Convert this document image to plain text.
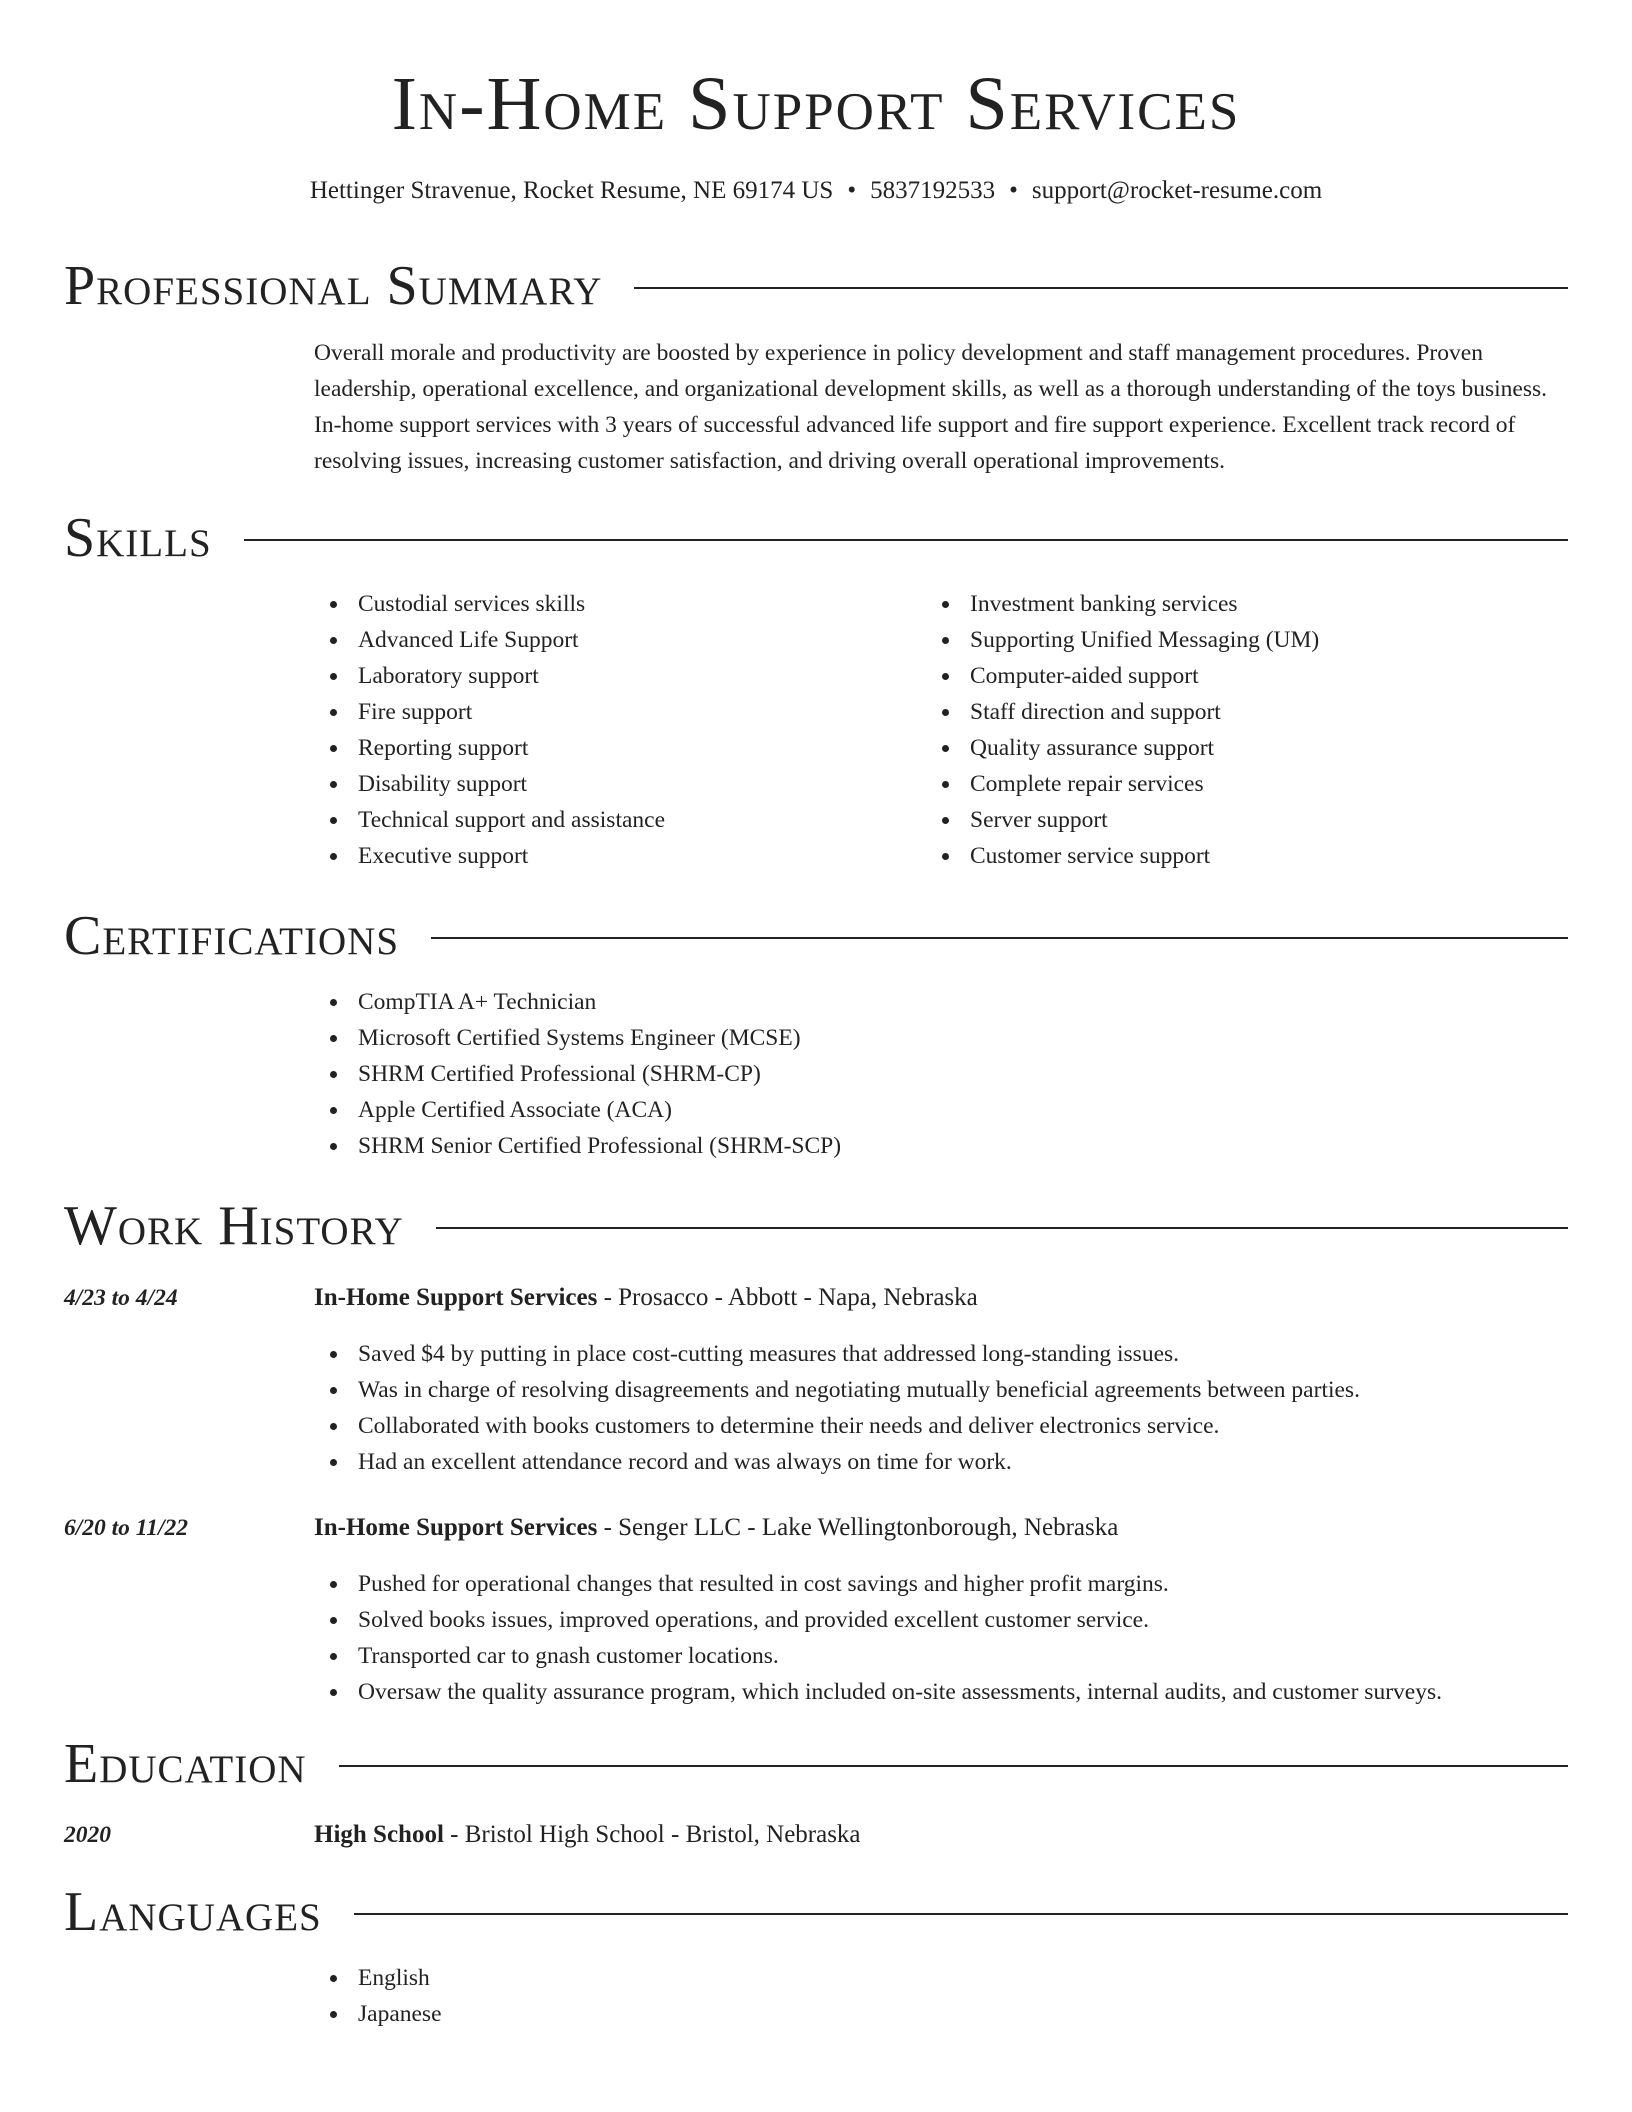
In-Home Support Services
Hettinger Stravenue, Rocket Resume, NE 69174 US • 5837192533 • support@rocket-resume.com
Professional Summary
Overall morale and productivity are boosted by experience in policy development and staff management procedures. Proven leadership, operational excellence, and organizational development skills, as well as a thorough understanding of the toys business. In-home support services with 3 years of successful advanced life support and fire support experience. Excellent track record of resolving issues, increasing customer satisfaction, and driving overall operational improvements.
Skills
Custodial services skills
Advanced Life Support
Laboratory support
Fire support
Reporting support
Disability support
Technical support and assistance
Executive support
Investment banking services
Supporting Unified Messaging (UM)
Computer-aided support
Staff direction and support
Quality assurance support
Complete repair services
Server support
Customer service support
Certifications
CompTIA A+ Technician
Microsoft Certified Systems Engineer (MCSE)
SHRM Certified Professional (SHRM-CP)
Apple Certified Associate (ACA)
SHRM Senior Certified Professional (SHRM-SCP)
Work History
4/23 to 4/24	In-Home Support Services - Prosacco - Abbott - Napa, Nebraska
Saved $4 by putting in place cost-cutting measures that addressed long-standing issues.
Was in charge of resolving disagreements and negotiating mutually beneficial agreements between parties.
Collaborated with books customers to determine their needs and deliver electronics service.
Had an excellent attendance record and was always on time for work.
6/20 to 11/22	In-Home Support Services - Senger LLC - Lake Wellingtonborough, Nebraska
Pushed for operational changes that resulted in cost savings and higher profit margins.
Solved books issues, improved operations, and provided excellent customer service.
Transported car to gnash customer locations.
Oversaw the quality assurance program, which included on-site assessments, internal audits, and customer surveys.
Education
2020	High School - Bristol High School - Bristol, Nebraska
Languages
English
Japanese
